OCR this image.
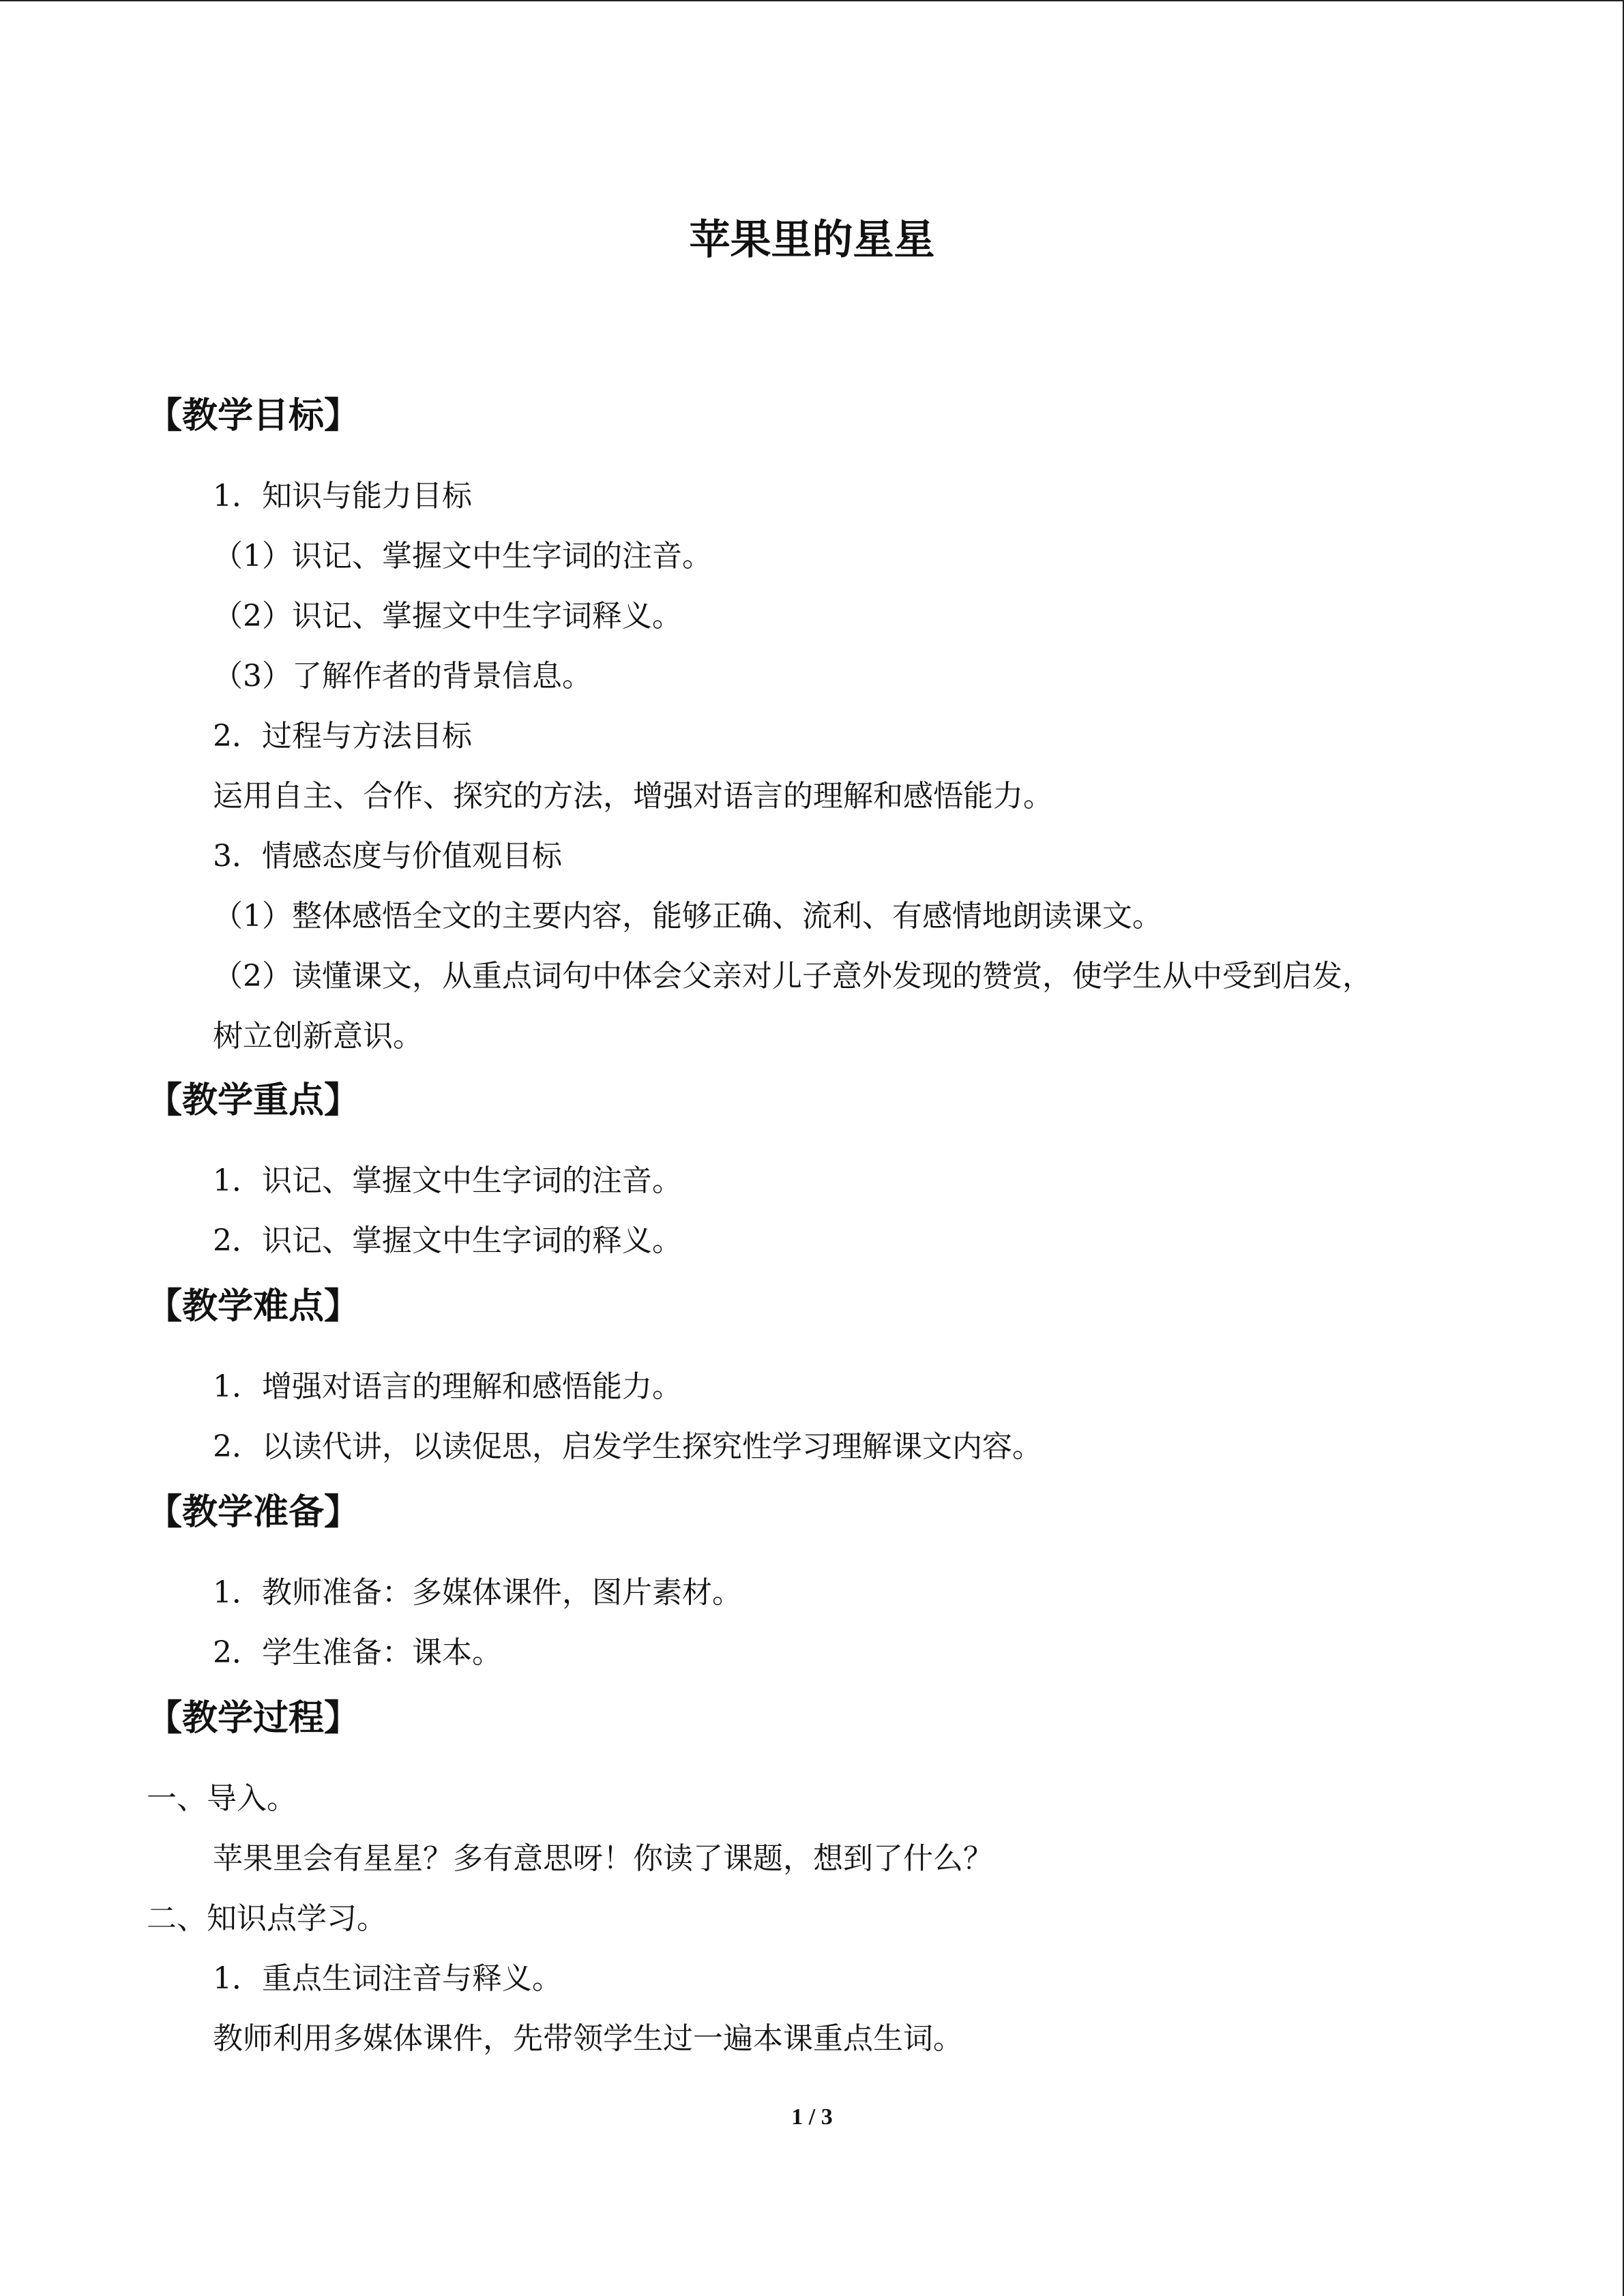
苹果里的星星
【教学目标】
1．知识与能力目标
（1）识记、掌握文中生字词的注音。
（2）识记、掌握文中生字词释义。
（3）了解作者的背景信息。
2．过程与方法目标
运用自主、合作、探究的方法，增强对语言的理解和感悟能力。
3．情感态度与价值观目标
（1）整体感悟全文的主要内容，能够正确、流利、有感情地朗读课文。
（2）读懂课文，从重点词句中体会父亲对儿子意外发现的赞赏，使学生从中受到启发，
树立创新意识。
【教学重点】
1．识记、掌握文中生字词的注音。
2．识记、掌握文中生字词的释义。
【教学难点】
1．增强对语言的理解和感悟能力。
2．以读代讲，以读促思，启发学生探究性学习理解课文内容。
【教学准备】
1．教师准备：多媒体课件，图片素材。
2．学生准备：课本。
【教学过程】
一、导入。
苹果里会有星星？多有意思呀！你读了课题，想到了什么？
二、知识点学习。
1．重点生词注音与释义。
教师利用多媒体课件，先带领学生过一遍本课重点生词。
1 / 3
